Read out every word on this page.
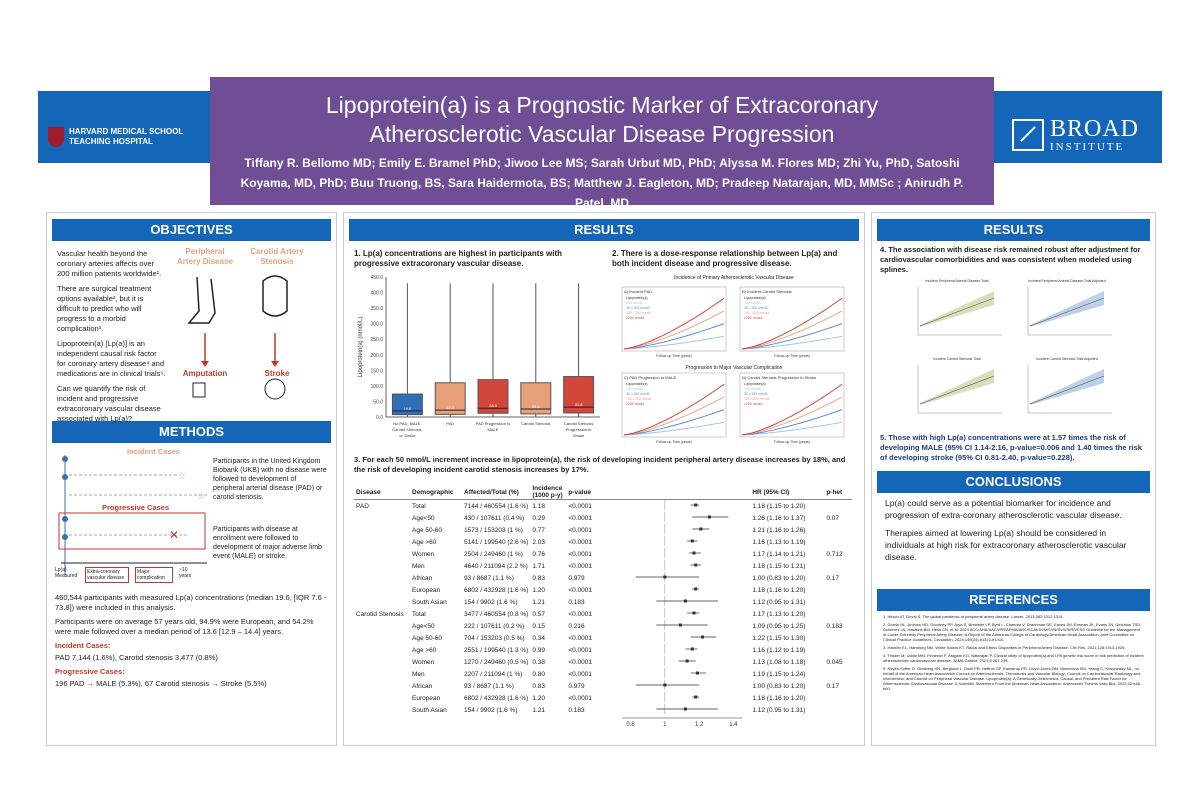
HARVARD MEDICAL SCHOOL
TEACHING HOSPITAL	BROAD
INSTITUTE
Lipoprotein(a) is a Prognostic Marker of Extracoronary
Atherosclerotic Vascular Disease Progression
Tiffany R. Bellomo MD; Emily E. Bramel PhD; Jiwoo Lee MS; Sarah Urbut MD, PhD; Alyssa M. Flores MD; Zhi Yu, PhD, Satoshi Koyama, MD, PhD; Buu Truong, BS, Sara Haidermota, BS; Matthew J. Eagleton, MD; Pradeep Natarajan, MD, MMSc ; Anirudh P. Patel, MD
OBJECTIVES

Vascular health beyond the coronary arteries affects over 200 million patients worldwide¹.

There are surgical treatment options available², but it is difficult to predict who will progress to a morbid complication³.

Lipoprotein(a) [Lp(a)] is an independent causal risk factor for coronary artery disease⁴ and medications are in clinical trials⁵.

Can we quantify the risk of incident and progressive extracoronary vascular disease associated with Lp(a)?

Peripheral Artery Disease
Carotid Artery Stenosis
Amputation	Stroke
METHODS
☆
☆
✕
Incident Cases
Progressive Cases
Participants in the United Kingdom Biobank (UKB) with no disease were followed to development of peripheral arterial disease (PAD) or carotid stenosis.
Participants with disease at enrollment were followed to development of major adverse limb event (MALE) or stroke.
Lp(a) Measured
Extra-coronary vascular disease
Major complication
~10 years

460,544 participants with measured Lp(a) concentrations (median 19.6, [IQR 7.6 - 73.8]) were included in this analysis.

Participants were on average 57 years old, 94.9% were European, and 54.2% were male followed over a median period of 13.6 [12.9 – 14.4] years.

Incident Cases:

PAD 7,144 (1.6%), Carotid stenosis 3,477 (0.8%)

Progressive Cases:

196 PAD → MALE (5.3%), 67 Carotid stenosis → Stroke (5.5%)

RESULTS
1. Lp(a) concentrations are highest in participants with progressive extracoronary vascular disease.
0.0
50.0
100.0
150.0
200.0
250.0
300.0
350.0
400.0
450.0
Lipoprotein(a) (nmol/L)
19.6
No PAD, MALE,
Carotid Stenosis,
or Stroke
22.2
PAD
28.3
PAD Progression to
MALE
25.6
Carotid Stenosis
31.8
Carotid Stenosis
Progression to
Stroke
2. There is a dose-response relationship between Lp(a) and both incident disease and progressive disease.
Incidence of Primary Atherosclerotic Vascular Disease
Progression to Major Vascular Complication
A) Incident PAD
Lipoprotein(a)
<30 nmol/L
30-<150 nmol/L
150-<250 nmol/L
≥250 nmol/L
Follow-up Time (years)
B) Incident Carotid Stenosis
Lipoprotein(a)
<30 nmol/L
30-<150 nmol/L
150-<250 nmol/L
≥250 nmol/L
Follow-up Time (years)
C) PAD Progression to MALE
Lipoprotein(a)
<30 nmol/L
30-<150 nmol/L
150-<250 nmol/L
≥250 nmol/L
Follow-up Time (years)
D) Carotid Stenosis Progression to Stroke
Lipoprotein(a)
<30 nmol/L
30-<150 nmol/L
150-<250 nmol/L
≥250 nmol/L
Follow-up Time (years)
3. For each 50 nmol/L increment increase in lipoprotein(a), the risk of developing incident peripheral artery disease increases by 18%, and the risk of developing incident carotid stenosis increases by 17%.
Disease	Demographic	Affected/Total (%)	Incidence (1000 p-y)	p-value		HR (95% CI)	p-het
PAD	Total	7144 / 460554 (1.6 %)	1.18	<0.0001		1.18 (1.15 to 1.20)	
	Age<50	430 / 107611 (0.4 %)	0.29	<0.0001		1.26 (1.16 to 1.37)	0.07
	Age 50-60	1573 / 153203 (1 %)	0.77	<0.0001		1.21 (1.16 to 1.26)	
	Age >60	5141 / 199540 (2.6 %)	2.03	<0.0001		1.16 (1.13 to 1.19)	
	Women	2504 / 249460 (1 %)	0.76	<0.0001		1.17 (1.14 to 1.21)	0.712
	Men	4640 / 211094 (2.2 %)	1.71	<0.0001		1.18 (1.15 to 1.21)	
	African	93 / 8687 (1.1 %)	0.83	0.979		1.00 (0.83 to 1.20)	0.17
	European	6802 / 432928 (1.6 %)	1.20	<0.0001		1.18 (1.16 to 1.20)	
	South Asian	154 / 9902 (1.6 %)	1.21	0.183		1.12 (0.95 to 1.31)	
Carotid Stenosis	Total	3477 / 460554 (0.8 %)	0.57	<0.0001		1.17 (1.13 to 1.20)	
	Age<50	222 / 107611 (0.2 %)	0.15	0.216		1.09 (0.95 to 1.25)	0.183
	Age 50-60	704 / 153203 (0.5 %)	0.34	<0.0001		1.22 (1.15 to 1.30)	
	Age >60	2551 / 199540 (1.3 %)	0.99	<0.0001		1.16 (1.12 to 1.19)	
	Women	1270 / 249460 (0.5 %)	0.38	<0.0001		1.13 (1.08 to 1.18)	0.045
	Men	2207 / 211094 (1 %)	0.80	<0.0001		1.19 (1.15 to 1.24)	
	African	93 / 8687 (1.1 %)	0.83	0.979		1.00 (0.83 to 1.20)	0.17
	European	6802 / 432928 (1.6 %)	1.20	<0.0001		1.18 (1.16 to 1.20)	
	South Asian	154 / 9902 (1.6 %)	1.21	0.183		1.12 (0.95 to 1.31)	

0.8 1 1.2 1.4		
RESULTS
4. The association with disease risk remained robust after adjustment for cardiovascular comorbidities and was consistent when modeled using splines.
Incident Peripheral Arterial Disease Total	Incident Peripheral Arterial Disease Total Adjusted
Incident Carotid Stenosis Total	Incident Carotid Stenosis Total Adjusted
5. Those with high Lp(a) concentrations were at 1.57 times the risk of developing MALE (95% CI 1.14-2.16, p-value=0.006 and 1.40 times the risk of developing stroke (95% CI 0.81-2.40, p-value=0.228).
CONCLUSIONS

Lp(a) could serve as a potential biomarker for incidence and progression of extra-coronary atherosclerotic vascular disease.

Therapies aimed at lowering Lp(a) should be considered in individuals at high risk for extracoronary atherosclerotic vascular disease.

REFERENCES

1. Hirsch AT, Duval S. The global pandemic of peripheral artery disease. Lancet. 2013;382:1312-1314.

2. Gornik HL, Aronow HD, Goodney PP, Arya S, Brewster LP, Byrd L, Chandra V, Drachman DE, Eaves JM, Ehrman JK, Evans JN, Getchius TSD, Gutiérrez JA, Hawkins BM, Hess CN, et al. 2024 ACC/AHA/AACVPR/APMA/ABC/SCAI/SVM/SVN/SVS/SIR/VESS Guideline for the Management of Lower Extremity Peripheral Artery Disease: A Report of the American College of Cardiology/American Heart Association Joint Committee on Clinical Practice Guidelines. Circulation. 2024;149(24):e1313-e1410.

3. Hackler EL, Hamburg NM, White Solaru KT. Racial and Ethnic Disparities in Peripheral Artery Disease. Circ Res. 2021;128:1913-1926.

4. Trinder M, Uddin MM, Finneran P, Aragam KG, Natarajan P. Clinical utility of lipoprotein(a) and LPA genetic risk score in risk prediction of incident atherosclerotic cardiovascular disease. JAMA Cardiol. 2021;6:287-295.

5. Reyes-Soffer G, Ginsberg HN, Berglund L, Duell PB, Heffron SP, Kamstrup PR, Lloyd-Jones DM, Marcovina SM, Yeang C, Koschinsky ML, on behalf of the American Heart Association Council on Arteriosclerosis, Thrombosis and Vascular Biology; Council on Cardiovascular Radiology and Intervention; and Council on Peripheral Vascular Disease. Lipoprotein(a): A Genetically Determined, Causal, and Prevalent Risk Factor for Atherosclerotic Cardiovascular Disease: A Scientific Statement From the American Heart Association. Arterioscler Thromb Vasc Biol. 2022;42:e48-e60.
